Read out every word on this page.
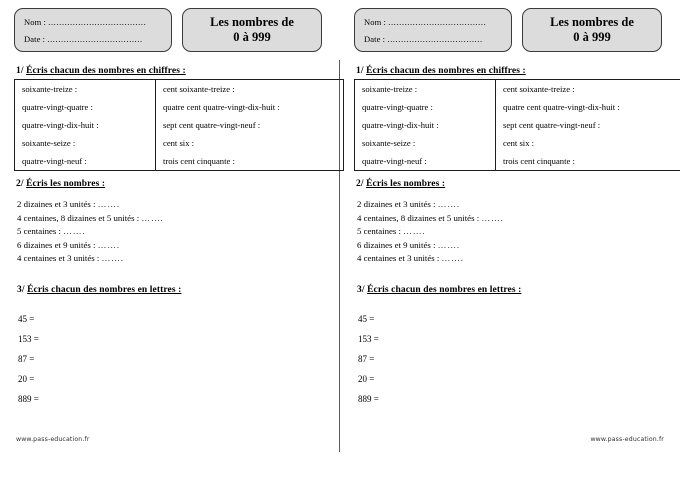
Nom : ....................................
Date : ...................................
Les nombres de
0 à 999
1/ Écris chacun des nombres en chiffres :
soixante-treize :	cent soixante-treize :
quatre-vingt-quatre :	quatre cent quatre-vingt-dix-huit :
quatre-vingt-dix-huit :	sept cent quatre-vingt-neuf :
soixante-seize :	cent six :
quatre-vingt-neuf :	trois cent cinquante :
2/ Écris les nombres :
2 dizaines et 3 unités : …….
4 centaines, 8 dizaines et 5 unités : …….
5 centaines : …….
6 dizaines et 9 unités : …….
4 centaines et 3 unités : …….
3/ Écris chacun des nombres en lettres :
45 =
153 =
87 =
20 =
889 =
www.pass-education.fr
Nom : ....................................
Date : ...................................
Les nombres de
0 à 999
1/ Écris chacun des nombres en chiffres :
soixante-treize :	cent soixante-treize :
quatre-vingt-quatre :	quatre cent quatre-vingt-dix-huit :
quatre-vingt-dix-huit :	sept cent quatre-vingt-neuf :
soixante-seize :	cent six :
quatre-vingt-neuf :	trois cent cinquante :
2/ Écris les nombres :
2 dizaines et 3 unités : …….
4 centaines, 8 dizaines et 5 unités : …….
5 centaines : …….
6 dizaines et 9 unités : …….
4 centaines et 3 unités : …….
3/ Écris chacun des nombres en lettres :
45 =
153 =
87 =
20 =
889 =
www.pass-education.fr
